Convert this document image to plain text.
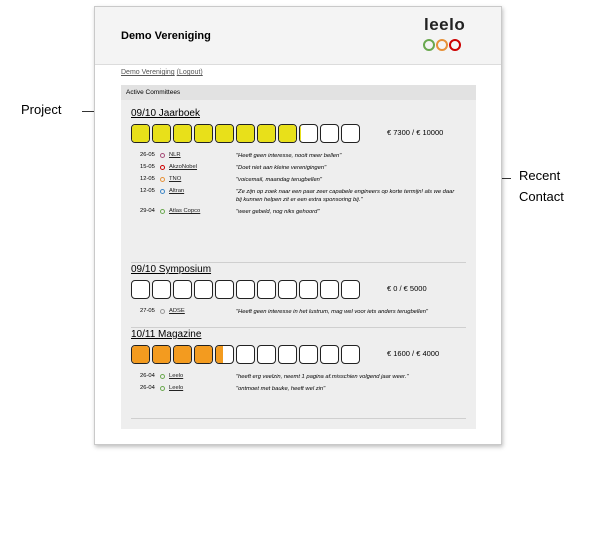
Project
Recent
Contact
Demo Vereniging
leelo
Demo Vereniging (Logout)
Active Committees
09/10 Jaarboek
€ 7300 / € 10000
26-05 NLR	"Heeft geen interesse, nooit meer bellen"
15-05 AkzoNobel	"Doet niet aan kleine verenigingen"
12-05 TNO	"voicemail, maandag terugbellen"
12-05 Altran	"Ze zijn op zoek naar een paar zeer capabele engineers op korte termijn! als we daar bij kunnen helpen zit er een extra sponsoring bij."
29-04 Atlas Copco	"weer gebeld, nog niks gehoord"
09/10 Symposium
€ 0 / € 5000
27-05 ADSE	"Heeft geen interesse in het lustrum, mag wel voor iets anders terugbellen"
10/11 Magazine
€ 1600 / € 4000
26-04 Leelo	"heeft erg veelzin, neemt 1 pagina af.misschien volgend jaar weer."
26-04 Leelo	"ontmoet met bauke, heeft wel zin"
